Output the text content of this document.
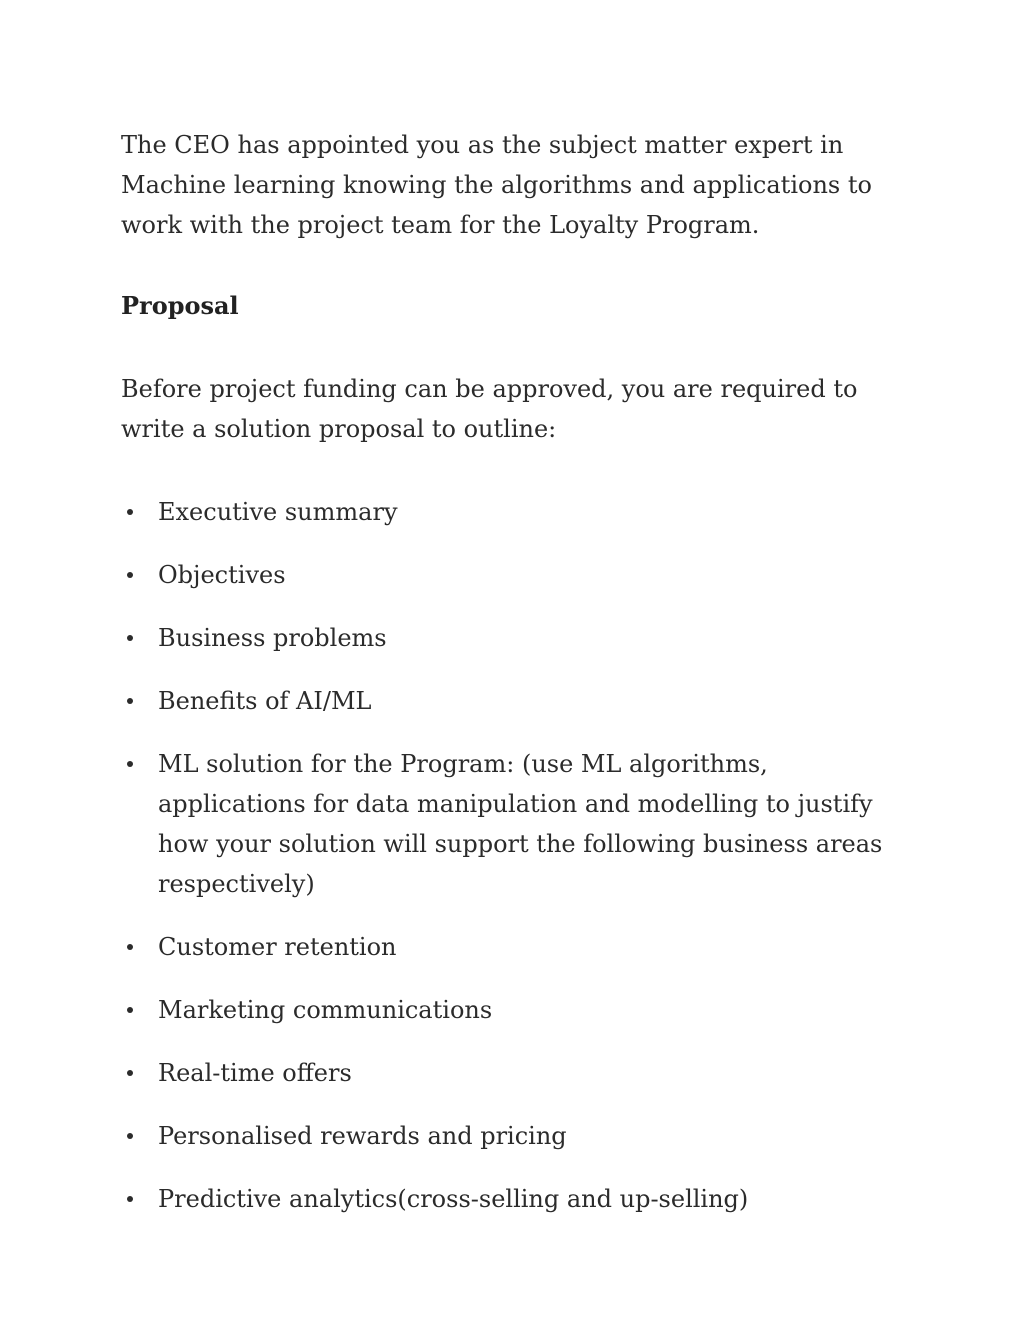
The CEO has appointed you as the subject matter expert in Machine learning knowing the algorithms and applications to work with the project team for the Loyalty Program.

Proposal

Before project funding can be approved, you are required to write a solution proposal to outline:

Executive summary
Objectives
Business problems
Benefits of AI/ML
ML solution for the Program: (use ML algorithms, applications for data manipulation and modelling to justify how your solution will support the following business areas respectively)
Customer retention
Marketing communications
Real-time offers
Personalised rewards and pricing
Predictive analytics(cross-selling and up-selling)
